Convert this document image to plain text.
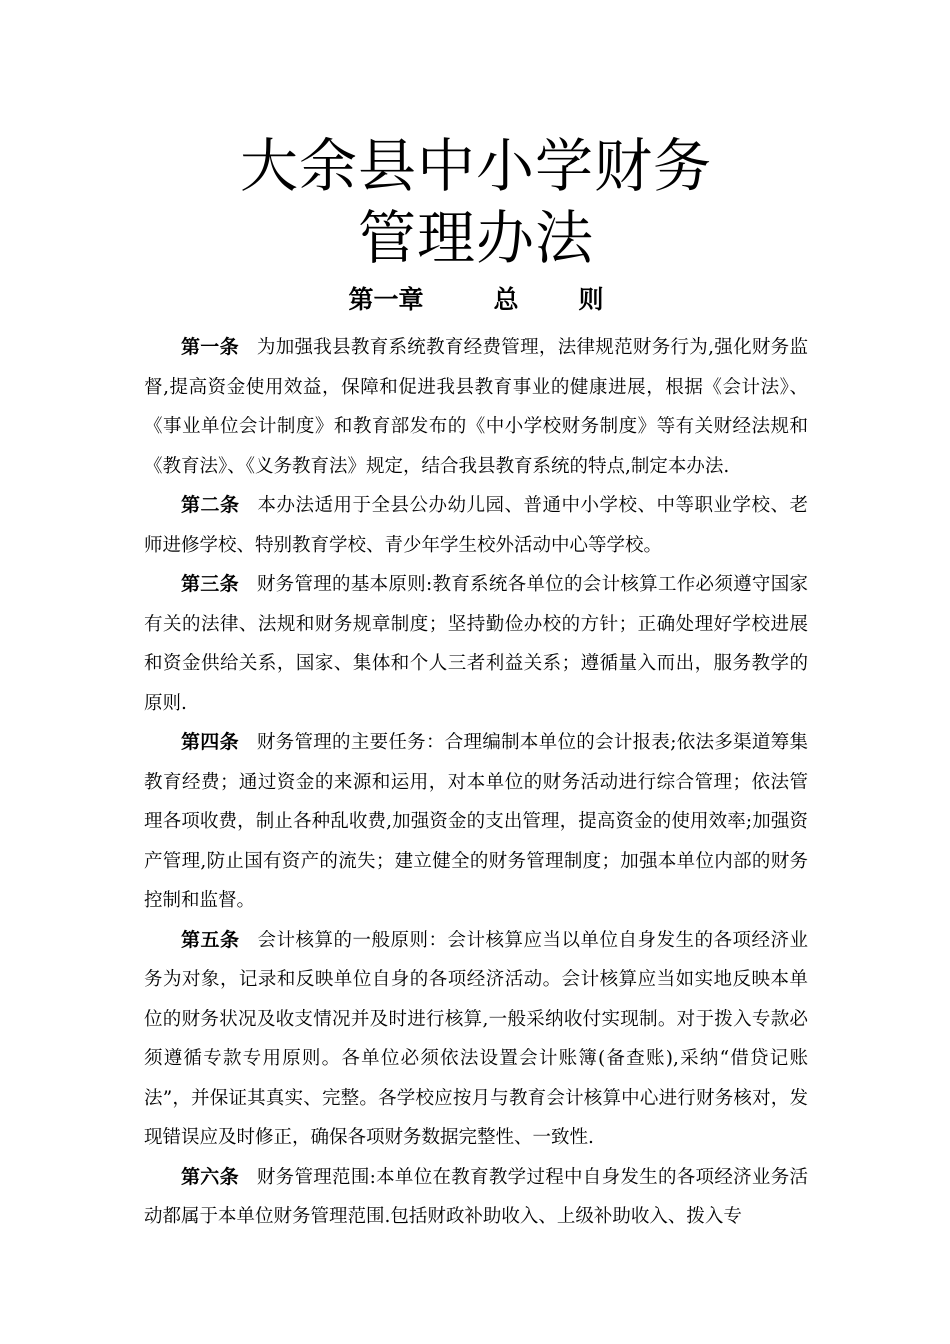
大余县中小学财务
管理办法
第一章	总 则

第一条 为加强我县教育系统教育经费管理，法律规范财务行为,强化财务监督,提高资金使用效益，保障和促进我县教育事业的健康进展，根据《会计法》、《事业单位会计制度》和教育部发布的《中小学校财务制度》等有关财经法规和《教育法》、《义务教育法》规定，结合我县教育系统的特点,制定本办法.

第二条 本办法适用于全县公办幼儿园、普通中小学校、中等职业学校、老师进修学校、特别教育学校、青少年学生校外活动中心等学校。

第三条 财务管理的基本原则:教育系统各单位的会计核算工作必须遵守国家有关的法律、法规和财务规章制度；坚持勤俭办校的方针；正确处理好学校进展和资金供给关系，国家、集体和个人三者利益关系；遵循量入而出，服务教学的原则.

第四条 财务管理的主要任务：合理编制本单位的会计报表;依法多渠道筹集教育经费；通过资金的来源和运用，对本单位的财务活动进行综合管理；依法管理各项收费，制止各种乱收费,加强资金的支出管理，提高资金的使用效率;加强资产管理,防止国有资产的流失；建立健全的财务管理制度；加强本单位内部的财务控制和监督。

第五条 会计核算的一般原则：会计核算应当以单位自身发生的各项经济业务为对象，记录和反映单位自身的各项经济活动。会计核算应当如实地反映本单位的财务状况及收支情况并及时进行核算,一般采纳收付实现制。对于拨入专款必须遵循专款专用原则。各单位必须依法设置会计账簿(备查账),采纳“借贷记账法”，并保证其真实、完整。各学校应按月与教育会计核算中心进行财务核对，发现错误应及时修正，确保各项财务数据完整性、一致性.

第六条 财务管理范围:本单位在教育教学过程中自身发生的各项经济业务活动都属于本单位财务管理范围.包括财政补助收入、上级补助收入、拨入专
